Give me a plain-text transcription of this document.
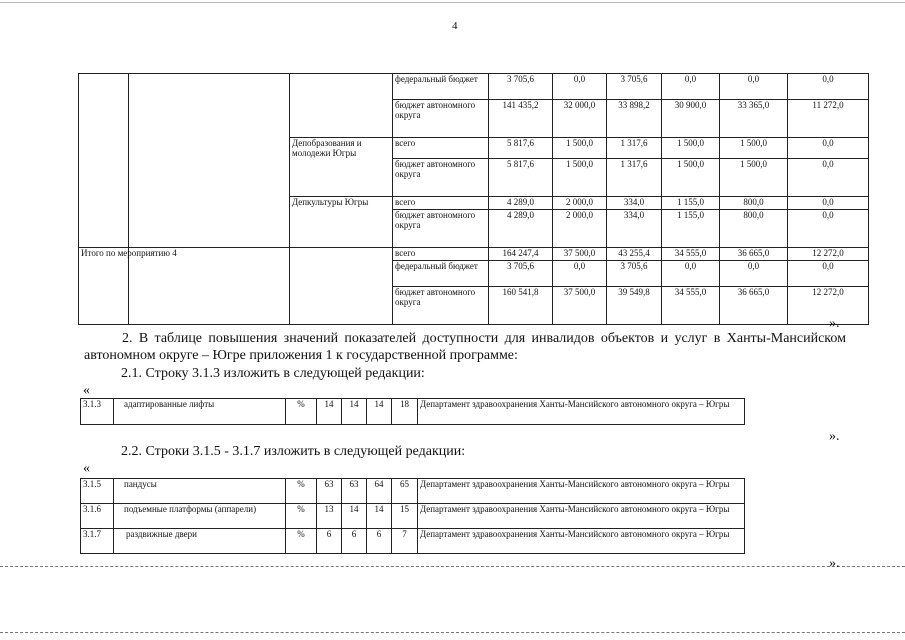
4
			федеральный бюджет	3 705,6	0,0	3 705,6	0,0	0,0	0,0
			бюджет автономного округа	141 435,2	32 000,0	33 898,2	30 900,0	33 365,0	11 272,0
		Депобразования и молодежи Югры	всего	5 817,6	1 500,0	1 317,6	1 500,0	1 500,0	0,0
			бюджет автономного округа	5 817,6	1 500,0	1 317,6	1 500,0	1 500,0	0,0
		Депкультуры Югры	всего	4 289,0	2 000,0	334,0	1 155,0	800,0	0,0
			бюджет автономного округа	4 289,0	2 000,0	334,0	1 155,0	800,0	0,0
Итого по мероприятию 4			всего	164 247,4	37 500,0	43 255,4	34 555,0	36 665,0	12 272,0
			федеральный бюджет	3 705,6	0,0	3 705,6	0,0	0,0	0,0
			бюджет автономного округа	160 541,8	37 500,0	39 549,8	34 555,0	36 665,0	12 272,0
».
2. В таблице повышения значений показателей доступности для инвалидов объектов и услуг в Ханты-Мансийском автономном округе – Югре приложения 1 к государственной программе:
2.1. Строку 3.1.3 изложить в следующей редакции:
«
3.1.3	адаптированные лифты	%	14	14	14	18	Департамент здравоохранения Ханты-Мансийского автономного округа – Югры
».
2.2. Строки 3.1.5 - 3.1.7 изложить в следующей редакции:
«
3.1.5	пандусы	%	63	63	64	65	Департамент здравоохранения Ханты-Мансийского автономного округа – Югры
3.1.6	подъемные платформы (аппарели)	%	13	14	14	15	Департамент здравоохранения Ханты-Мансийского автономного округа – Югры
3.1.7	раздвижные двери	%	6	6	6	7	Департамент здравоохранения Ханты-Мансийского автономного округа – Югры
».
